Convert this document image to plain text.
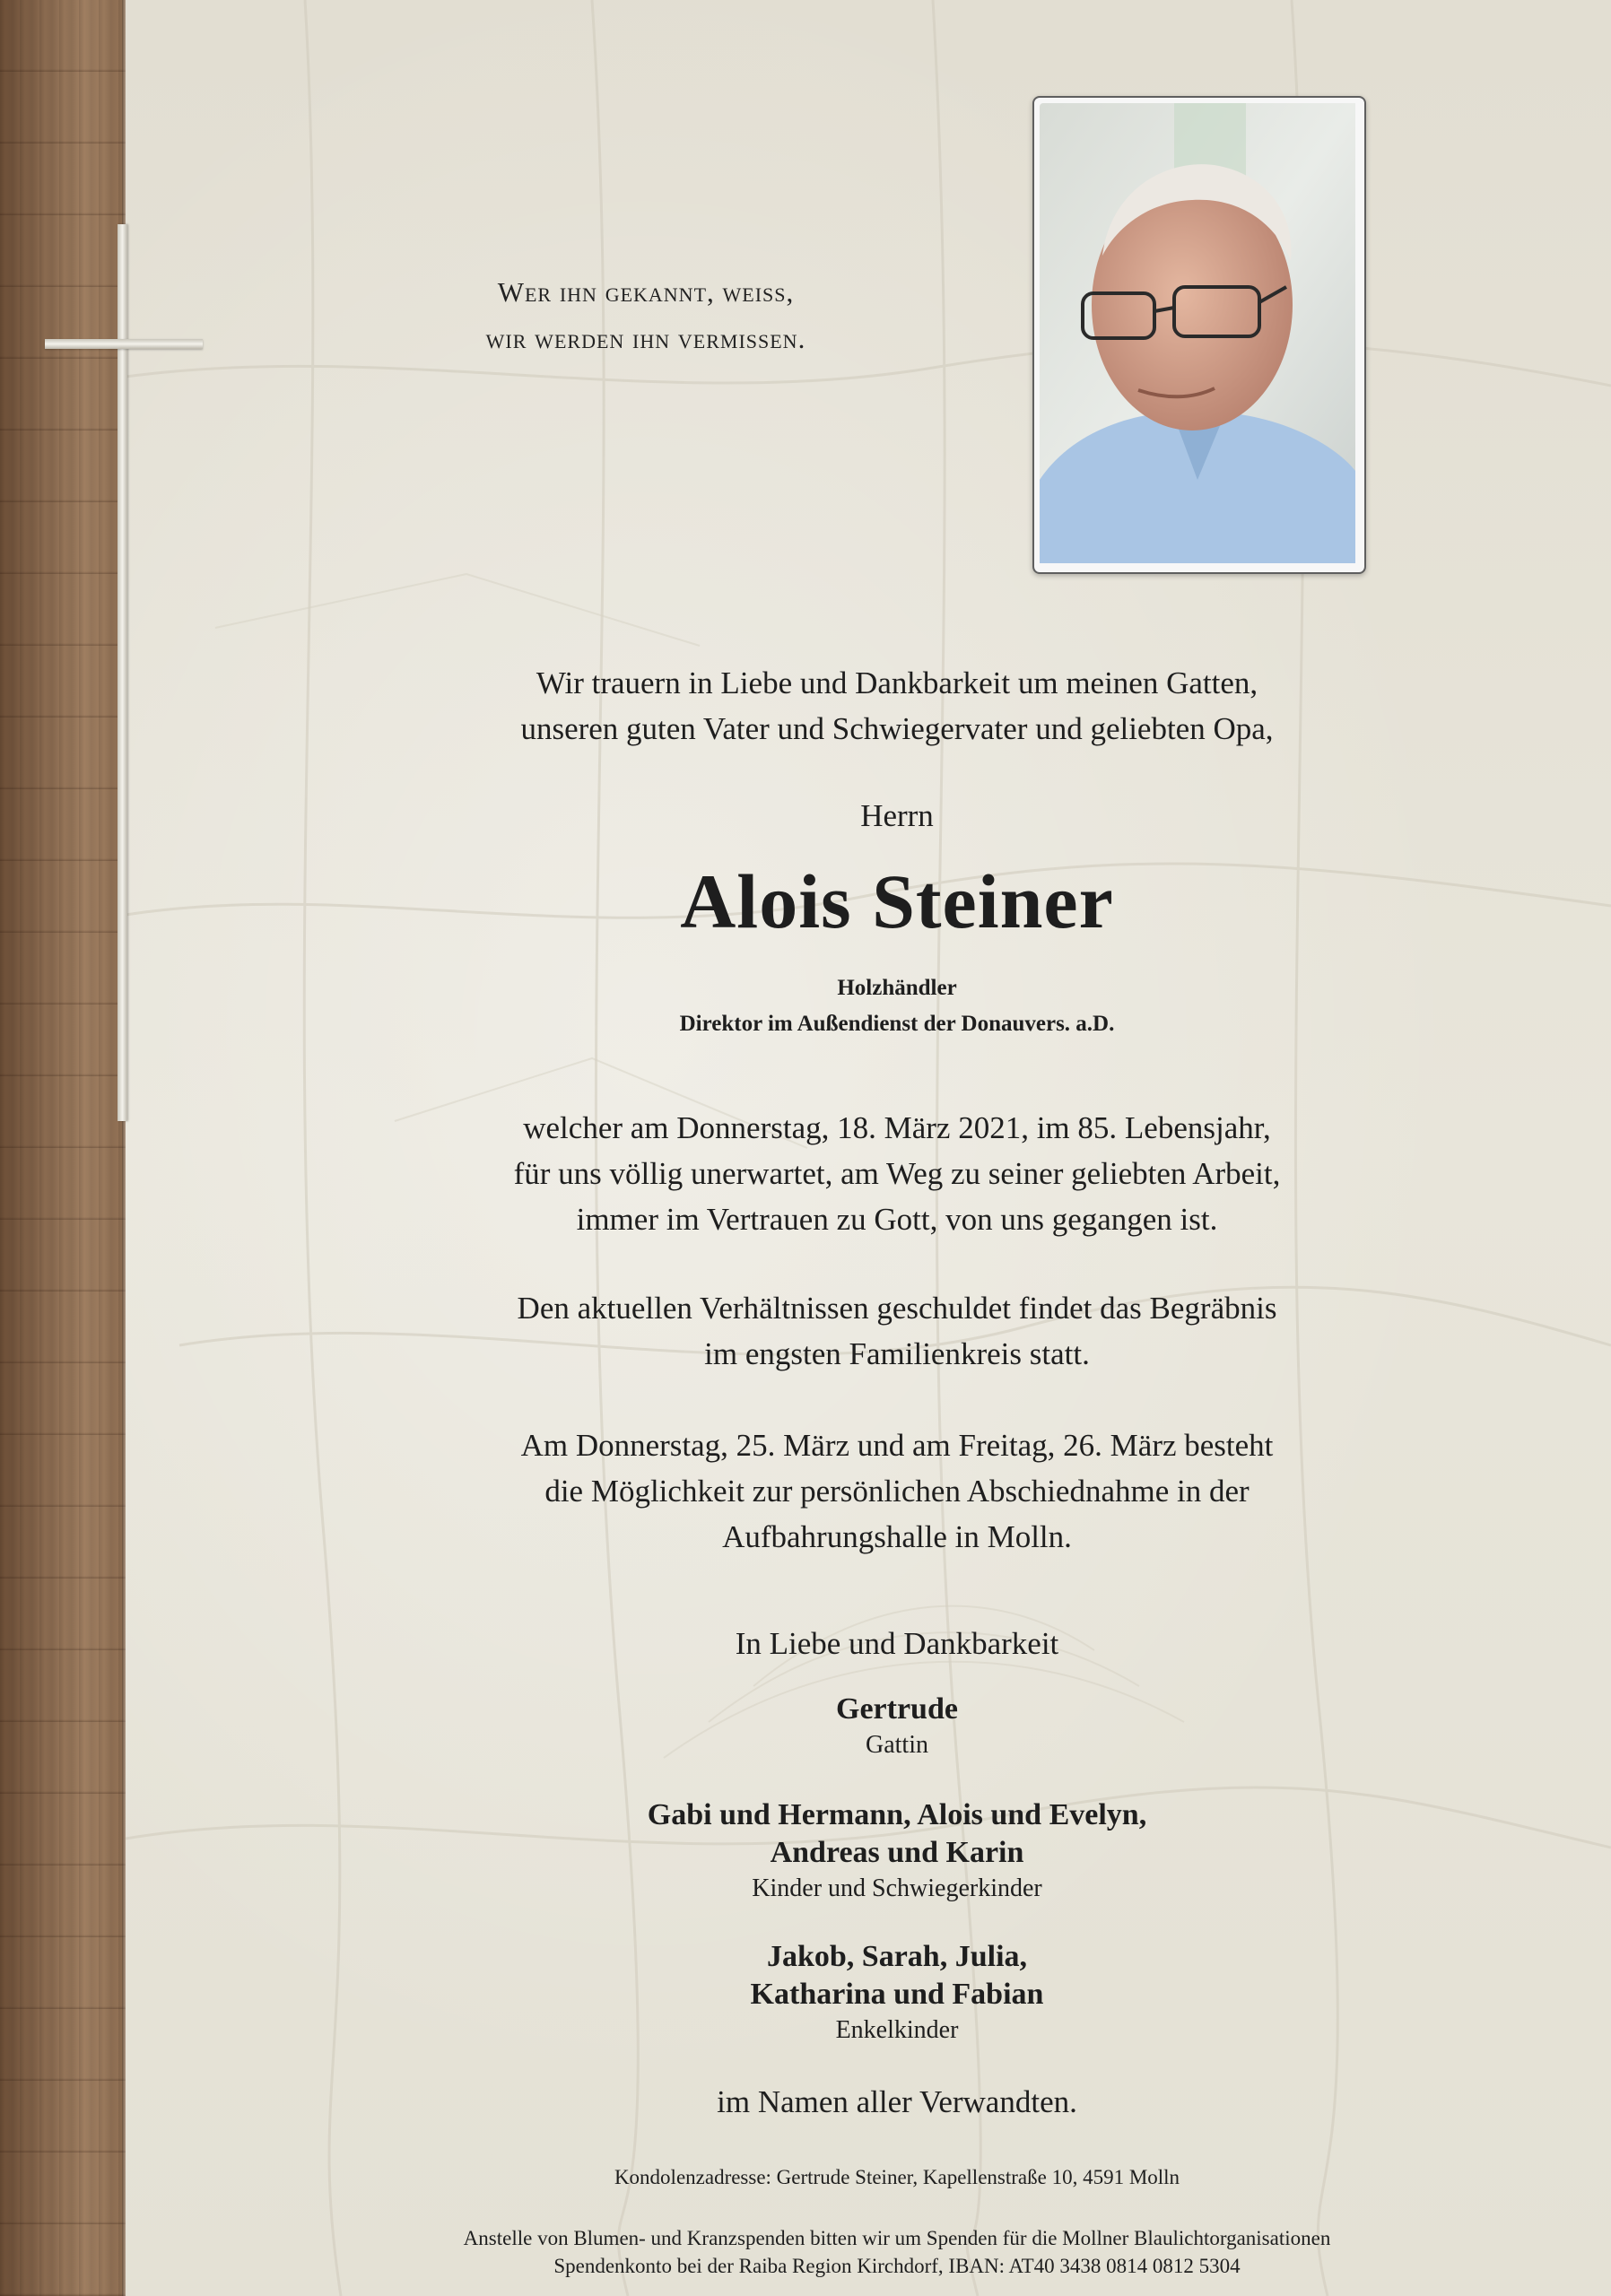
Wer ihn gekannt, weiss,
wir werden ihn vermissen.
Wir trauern in Liebe und Dankbarkeit um meinen Gatten,
unseren guten Vater und Schwiegervater und geliebten Opa,
Herrn
Alois Steiner
Holzhändler
Direktor im Außendienst der Donauvers. a.D.
welcher am Donnerstag, 18. März 2021, im 85. Lebensjahr,
für uns völlig unerwartet, am Weg zu seiner geliebten Arbeit,
immer im Vertrauen zu Gott, von uns gegangen ist.
Den aktuellen Verhältnissen geschuldet findet das Begräbnis
im engsten Familienkreis statt.
Am Donnerstag, 25. März und am Freitag, 26. März besteht
die Möglichkeit zur persönlichen Abschiednahme in der
Aufbahrungshalle in Molln.
In Liebe und Dankbarkeit
Gertrude
Gattin
Gabi und Hermann, Alois und Evelyn,
Andreas und Karin
Kinder und Schwiegerkinder
Jakob, Sarah, Julia,
Katharina und Fabian
Enkelkinder
im Namen aller Verwandten.
Kondolenzadresse: Gertrude Steiner, Kapellenstraße 10, 4591 Molln
Anstelle von Blumen- und Kranzspenden bitten wir um Spenden für die Mollner Blaulichtorganisationen
Spendenkonto bei der Raiba Region Kirchdorf, IBAN: AT40 3438 0814 0812 5304
